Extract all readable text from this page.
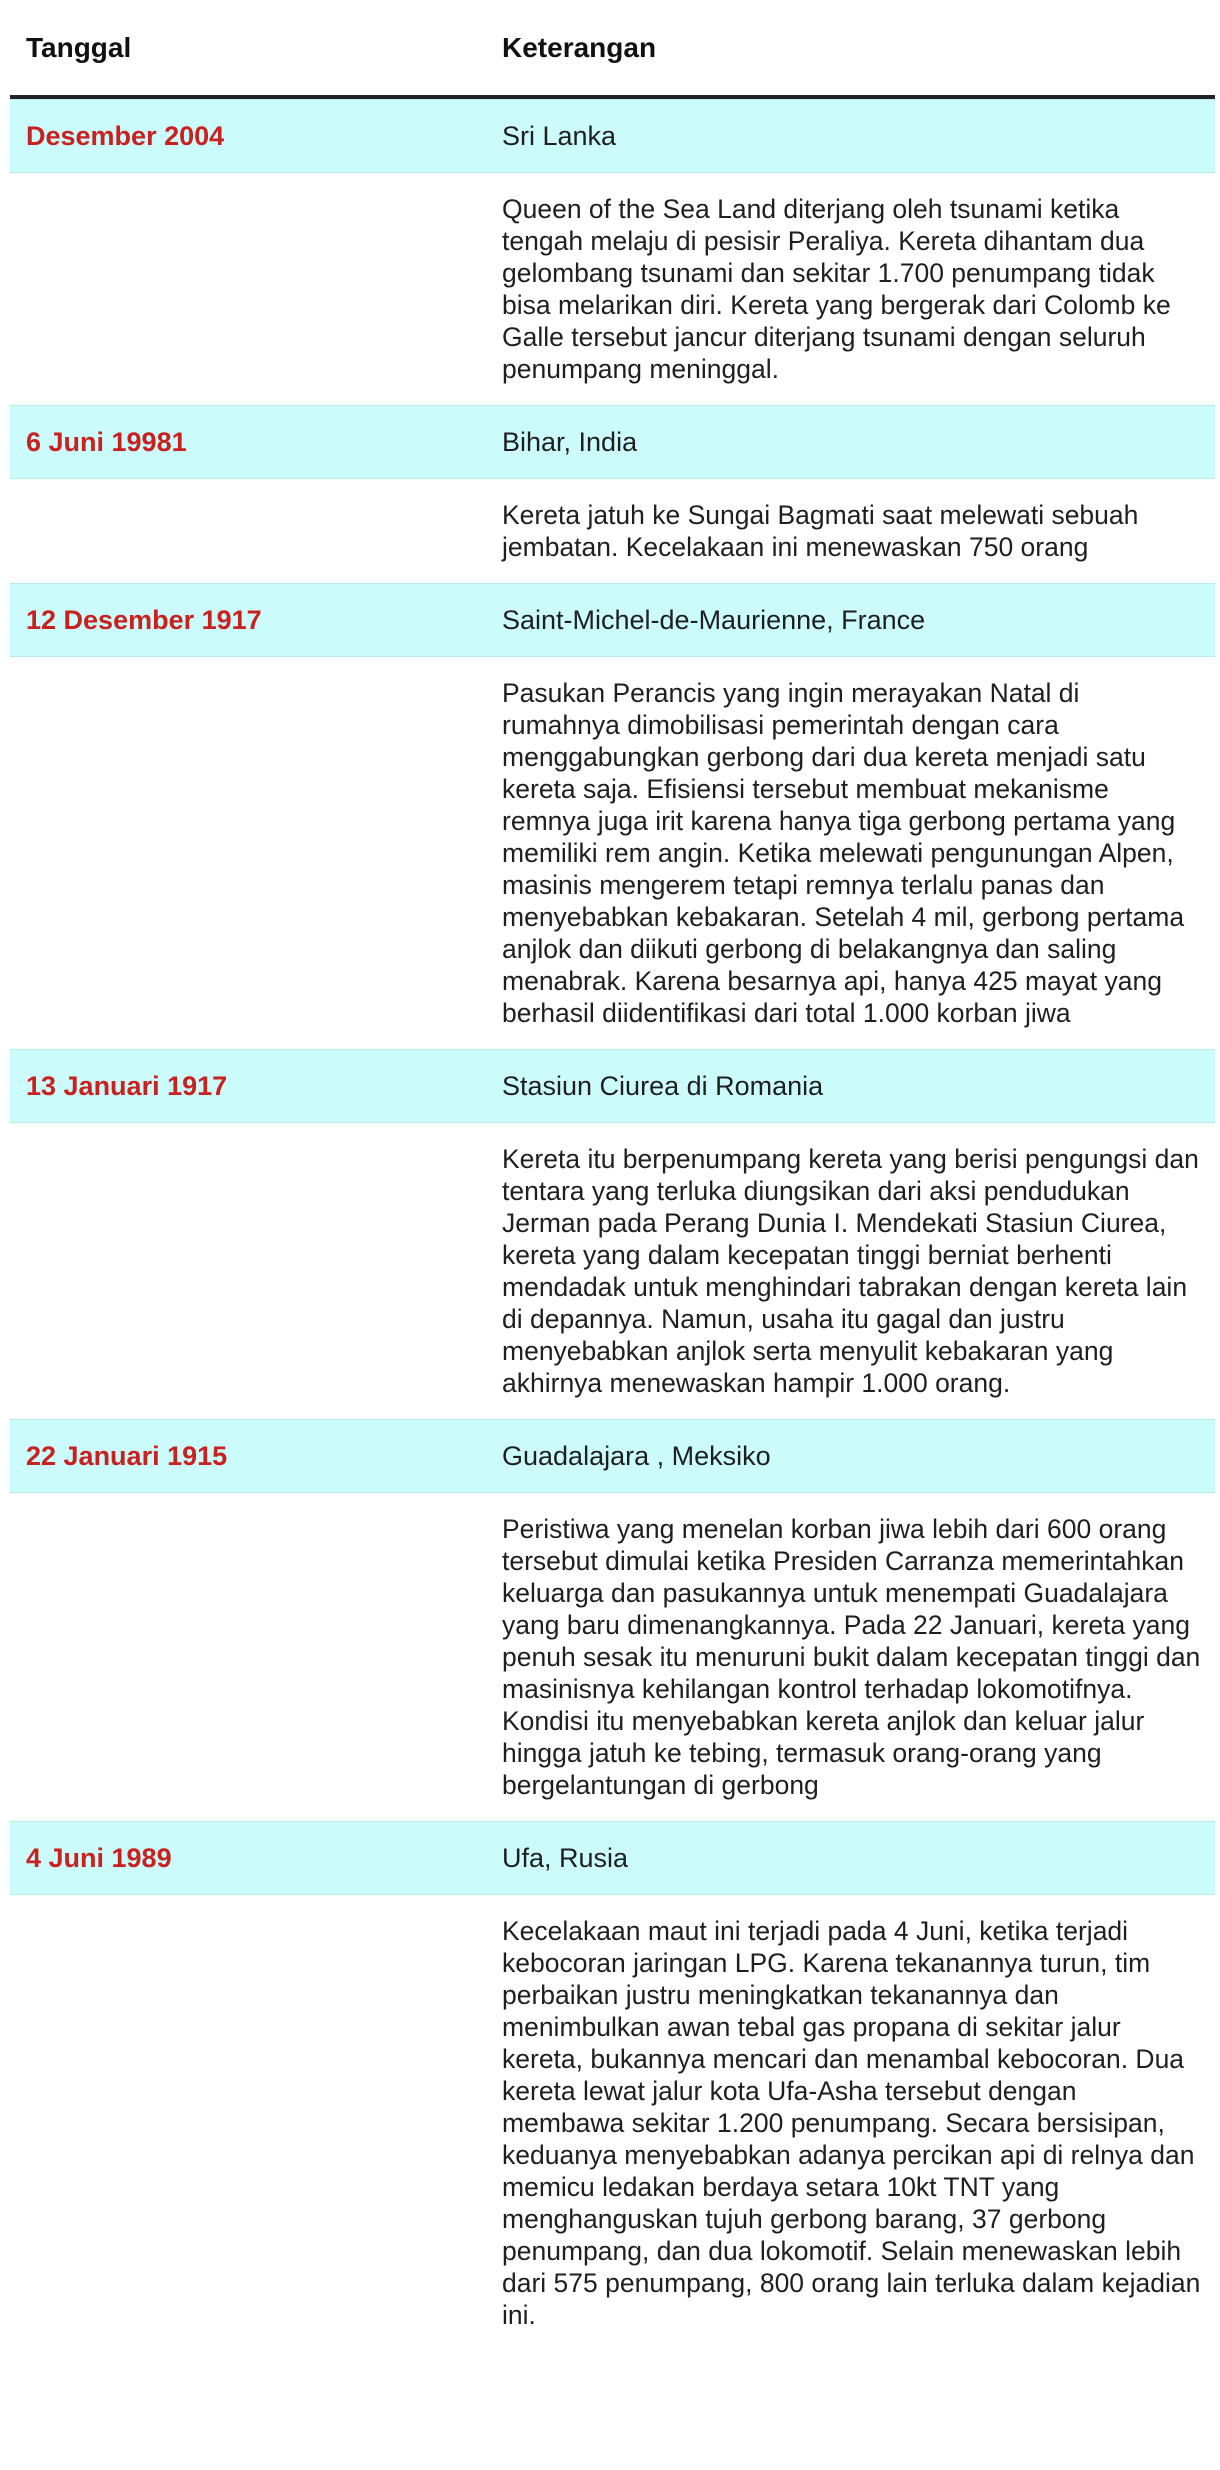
Tanggal	Keterangan
Desember 2004	Sri Lanka
Queen of the Sea Land diterjang oleh tsunami ketika tengah melaju di pesisir Peraliya. Kereta dihantam dua gelombang tsunami dan sekitar 1.700 penumpang tidak bisa melarikan diri. Kereta yang bergerak dari Colomb ke Galle tersebut jancur diterjang tsunami dengan seluruh penumpang meninggal.
6 Juni 19981	Bihar, India
Kereta jatuh ke Sungai Bagmati saat melewati sebuah jembatan. Kecelakaan ini menewaskan 750 orang
12 Desember 1917	Saint-Michel-de-Maurienne, France
Pasukan Perancis yang ingin merayakan Natal di rumahnya dimobilisasi pemerintah dengan cara menggabungkan gerbong dari dua kereta menjadi satu kereta saja. Efisiensi tersebut membuat mekanisme remnya juga irit karena hanya tiga gerbong pertama yang memiliki rem angin. Ketika melewati pengunungan Alpen, masinis mengerem tetapi remnya terlalu panas dan menyebabkan kebakaran. Setelah 4 mil, gerbong pertama anjlok dan diikuti gerbong di belakangnya dan saling menabrak. Karena besarnya api, hanya 425 mayat yang berhasil diidentifikasi dari total 1.000 korban jiwa
13 Januari 1917	Stasiun Ciurea di Romania
Kereta itu berpenumpang kereta yang berisi pengungsi dan tentara yang terluka diungsikan dari aksi pendudukan Jerman pada Perang Dunia I. Mendekati Stasiun Ciurea, kereta yang dalam kecepatan tinggi berniat berhenti mendadak untuk menghindari tabrakan dengan kereta lain di depannya. Namun, usaha itu gagal dan justru menyebabkan anjlok serta menyulit kebakaran yang akhirnya menewaskan hampir 1.000 orang.
22 Januari 1915	Guadalajara , Meksiko
Peristiwa yang menelan korban jiwa lebih dari 600 orang tersebut dimulai ketika Presiden Carranza memerintahkan keluarga dan pasukannya untuk menempati Guadalajara yang baru dimenangkannya. Pada 22 Januari, kereta yang penuh sesak itu menuruni bukit dalam kecepatan tinggi dan masinisnya kehilangan kontrol terhadap lokomotifnya. Kondisi itu menyebabkan kereta anjlok dan keluar jalur hingga jatuh ke tebing, termasuk orang-orang yang bergelantungan di gerbong
4 Juni 1989	Ufa, Rusia
Kecelakaan maut ini terjadi pada 4 Juni, ketika terjadi kebocoran jaringan LPG. Karena tekanannya turun, tim perbaikan justru meningkatkan tekanannya dan menimbulkan awan tebal gas propana di sekitar jalur kereta, bukannya mencari dan menambal kebocoran. Dua kereta lewat jalur kota Ufa-Asha tersebut dengan membawa sekitar 1.200 penumpang. Secara bersisipan, keduanya menyebabkan adanya percikan api di relnya dan memicu ledakan berdaya setara 10kt TNT yang menghanguskan tujuh gerbong barang, 37 gerbong penumpang, dan dua lokomotif. Selain menewaskan lebih dari 575 penumpang, 800 orang lain terluka dalam kejadian ini.
